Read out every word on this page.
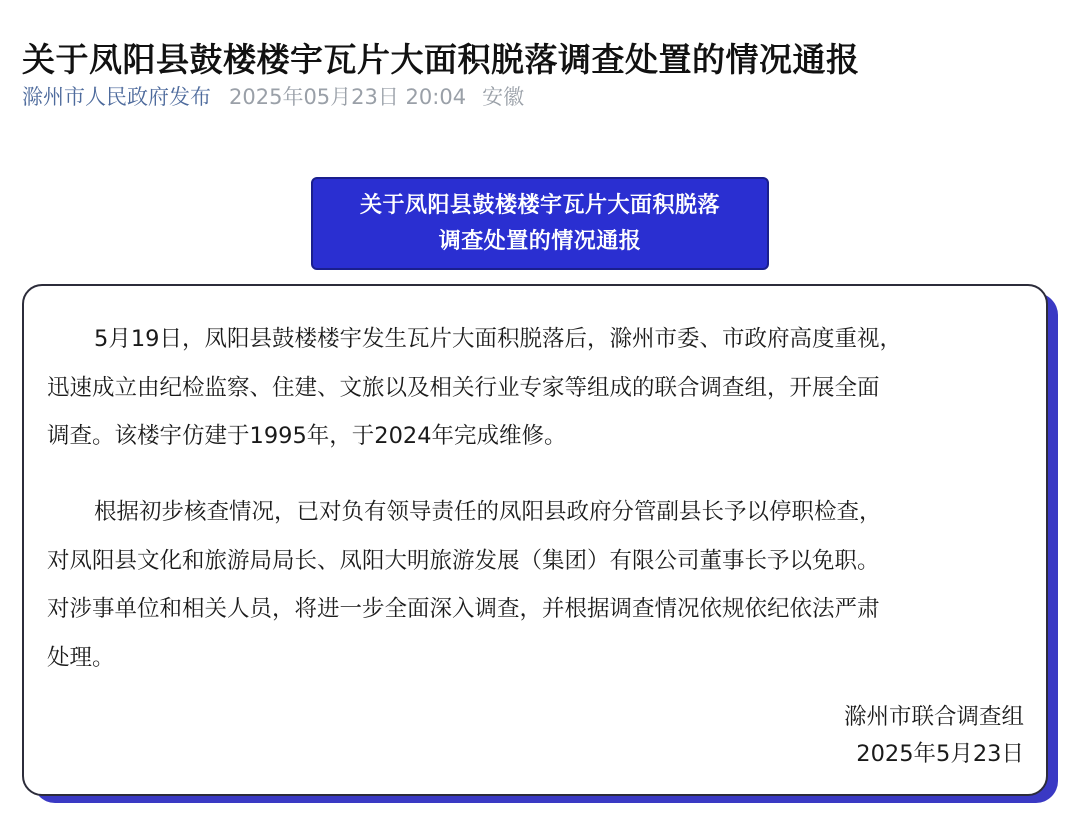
关于凤阳县鼓楼楼宇瓦片大面积脱落调查处置的情况通报
滁州市人民政府发布 2025年05月23日 20:04 安徽
关于凤阳县鼓楼楼宇瓦片大面积脱落
调查处置的情况通报

5月19日，凤阳县鼓楼楼宇发生瓦片大面积脱落后，滁州市委、市政府高度重视，
迅速成立由纪检监察、住建、文旅以及相关行业专家等组成的联合调查组，开展全面
调查。该楼宇仿建于1995年，于2024年完成维修。

根据初步核查情况，已对负有领导责任的凤阳县政府分管副县长予以停职检查，
对凤阳县文化和旅游局局长、凤阳大明旅游发展（集团）有限公司董事长予以免职。
对涉事单位和相关人员，将进一步全面深入调查，并根据调查情况依规依纪依法严肃
处理。

滁州市联合调查组
2025年5月23日
